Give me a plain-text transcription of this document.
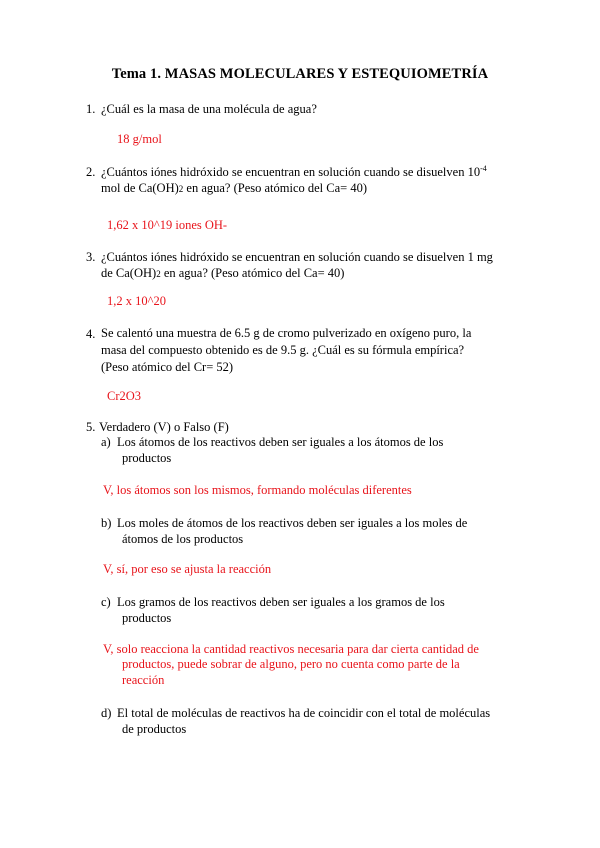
Tema 1. MASAS MOLECULARES Y ESTEQUIOMETRÍA
1. ¿Cuál es la masa de una molécula de agua?
18 g/mol
2. ¿Cuántos iónes hidróxido se encuentran en solución cuando se disuelven $10^{-4}$
mol de Ca(OH)2 en agua? (Peso atómico del Ca= 40)
1,62 x 10^19 iones OH-
3. ¿Cuántos iónes hidróxido se encuentran en solución cuando se disuelven 1 mg
de Ca(OH)2 en agua? (Peso atómico del Ca= 40)
1,2 x 10^20
4. Se calentó una muestra de 6.5 g de cromo pulverizado en oxígeno puro, la
masa del compuesto obtenido es de 9.5 g. ¿Cuál es su fórmula empírica?
(Peso atómico del Cr= 52)
Cr2O3
5. Verdadero (V) o Falso (F)
a) Los átomos de los reactivos deben ser iguales a los átomos de los
productos
V, los átomos son los mismos, formando moléculas diferentes
b) Los moles de átomos de los reactivos deben ser iguales a los moles de
átomos de los productos
V, sí, por eso se ajusta la reacción
c) Los gramos de los reactivos deben ser iguales a los gramos de los
productos
V, solo reacciona la cantidad reactivos necesaria para dar cierta cantidad de
productos, puede sobrar de alguno, pero no cuenta como parte de la
reacción
d) El total de moléculas de reactivos ha de coincidir con el total de moléculas
de productos
